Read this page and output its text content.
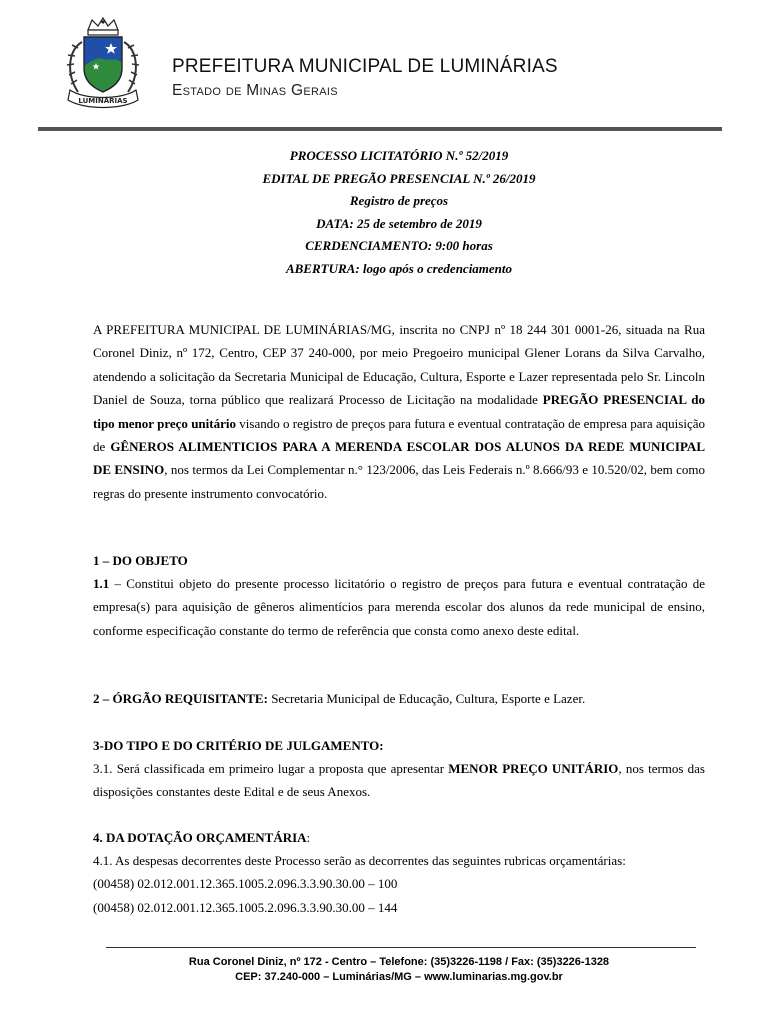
LUMINÁRIAS
PREFEITURA MUNICIPAL DE LUMINÁRIAS
Estado de Minas Gerais
PROCESSO LICITATÓRIO N.º 52/2019
EDITAL DE PREGÃO PRESENCIAL N.º 26/2019
Registro de preços
DATA: 25 de setembro de 2019
CERDENCIAMENTO: 9:00 horas
ABERTURA: logo após o credenciamento
A PREFEITURA MUNICIPAL DE LUMINÁRIAS/MG, inscrita no CNPJ nº 18 244 301 0001-26, situada na Rua Coronel Diniz, nº 172, Centro, CEP 37 240-000, por meio Pregoeiro municipal Glener Lorans da Silva Carvalho, atendendo a solicitação da Secretaria Municipal de Educação, Cultura, Esporte e Lazer representada pelo Sr. Lincoln Daniel de Souza, torna público que realizará Processo de Licitação na modalidade PREGÃO PRESENCIAL do tipo menor preço unitário visando o registro de preços para futura e eventual contratação de empresa para aquisição de GÊNEROS ALIMENTICIOS PARA A MERENDA ESCOLAR DOS ALUNOS DA REDE MUNICIPAL DE ENSINO, nos termos da Lei Complementar n.° 123/2006, das Leis Federais n.º 8.666/93 e 10.520/02, bem como regras do presente instrumento convocatório.
1 – DO OBJETO
1.1 – Constitui objeto do presente processo licitatório o registro de preços para futura e eventual contratação de empresa(s) para aquisição de gêneros alimentícios para merenda escolar dos alunos da rede municipal de ensino, conforme especificação constante do termo de referência que consta como anexo deste edital.
2 – ÓRGÃO REQUISITANTE: Secretaria Municipal de Educação, Cultura, Esporte e Lazer.
3-DO TIPO E DO CRITÉRIO DE JULGAMENTO:
3.1. Será classificada em primeiro lugar a proposta que apresentar MENOR PREÇO UNITÁRIO, nos termos das disposições constantes deste Edital e de seus Anexos.
4. DA DOTAÇÃO ORÇAMENTÁRIA:
4.1. As despesas decorrentes deste Processo serão as decorrentes das seguintes rubricas orçamentárias:
(00458) 02.012.001.12.365.1005.2.096.3.3.90.30.00 – 100
(00458) 02.012.001.12.365.1005.2.096.3.3.90.30.00 – 144
Rua Coronel Diniz, nº 172 - Centro – Telefone: (35)3226-1198 / Fax: (35)3226-1328
CEP: 37.240-000 – Luminárias/MG – www.luminarias.mg.gov.br
